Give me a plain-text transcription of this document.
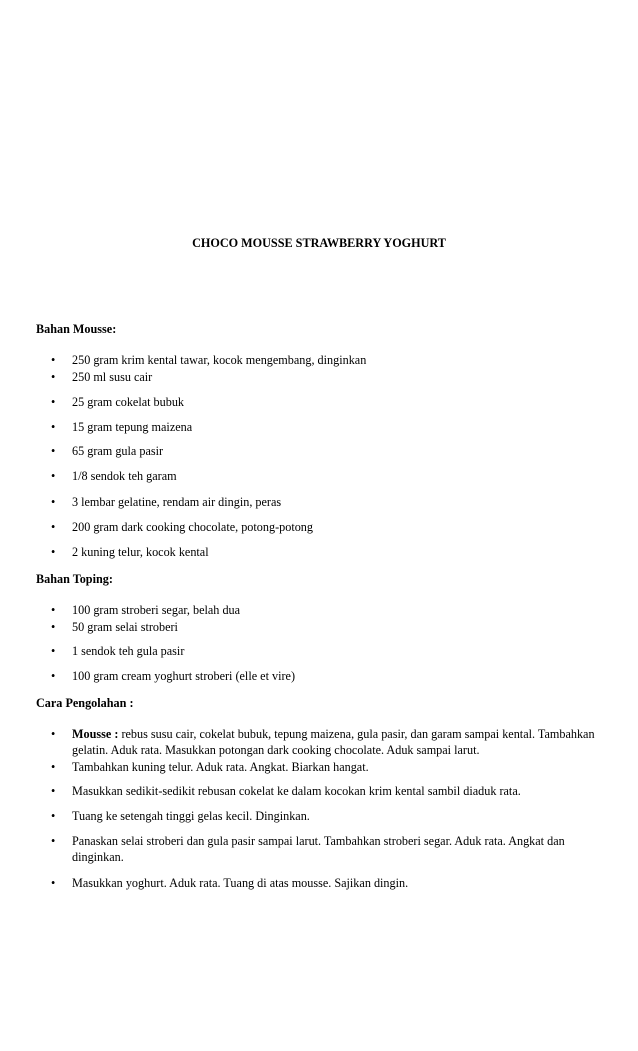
CHOCO MOUSSE STRAWBERRY YOGHURT

Bahan Mousse:

•	250 gram krim kental tawar, kocok mengembang, dinginkan
•	250 ml susu cair
•	25 gram cokelat bubuk
•	15 gram tepung maizena
•	65 gram gula pasir
•	1/8 sendok teh garam
•	3 lembar gelatine, rendam air dingin, peras
•	200 gram dark cooking chocolate, potong-potong
•	2 kuning telur, kocok kental

Bahan Toping:

•	100 gram stroberi segar, belah dua
•	50 gram selai stroberi
•	1 sendok teh gula pasir
•	100 gram cream yoghurt stroberi (elle et vire)

Cara Pengolahan :

•	Mousse : rebus susu cair, cokelat bubuk, tepung maizena, gula pasir, dan garam sampai kental. Tambahkan gelatin. Aduk rata. Masukkan potongan dark cooking chocolate. Aduk sampai larut.
•	Tambahkan kuning telur. Aduk rata. Angkat. Biarkan hangat.
•	Masukkan sedikit-sedikit rebusan cokelat ke dalam kocokan krim kental sambil diaduk rata.
•	Tuang ke setengah tinggi gelas kecil. Dinginkan.
•	Panaskan selai stroberi dan gula pasir sampai larut. Tambahkan stroberi segar. Aduk rata. Angkat dan dinginkan.
•	Masukkan yoghurt. Aduk rata. Tuang di atas mousse. Sajikan dingin.
